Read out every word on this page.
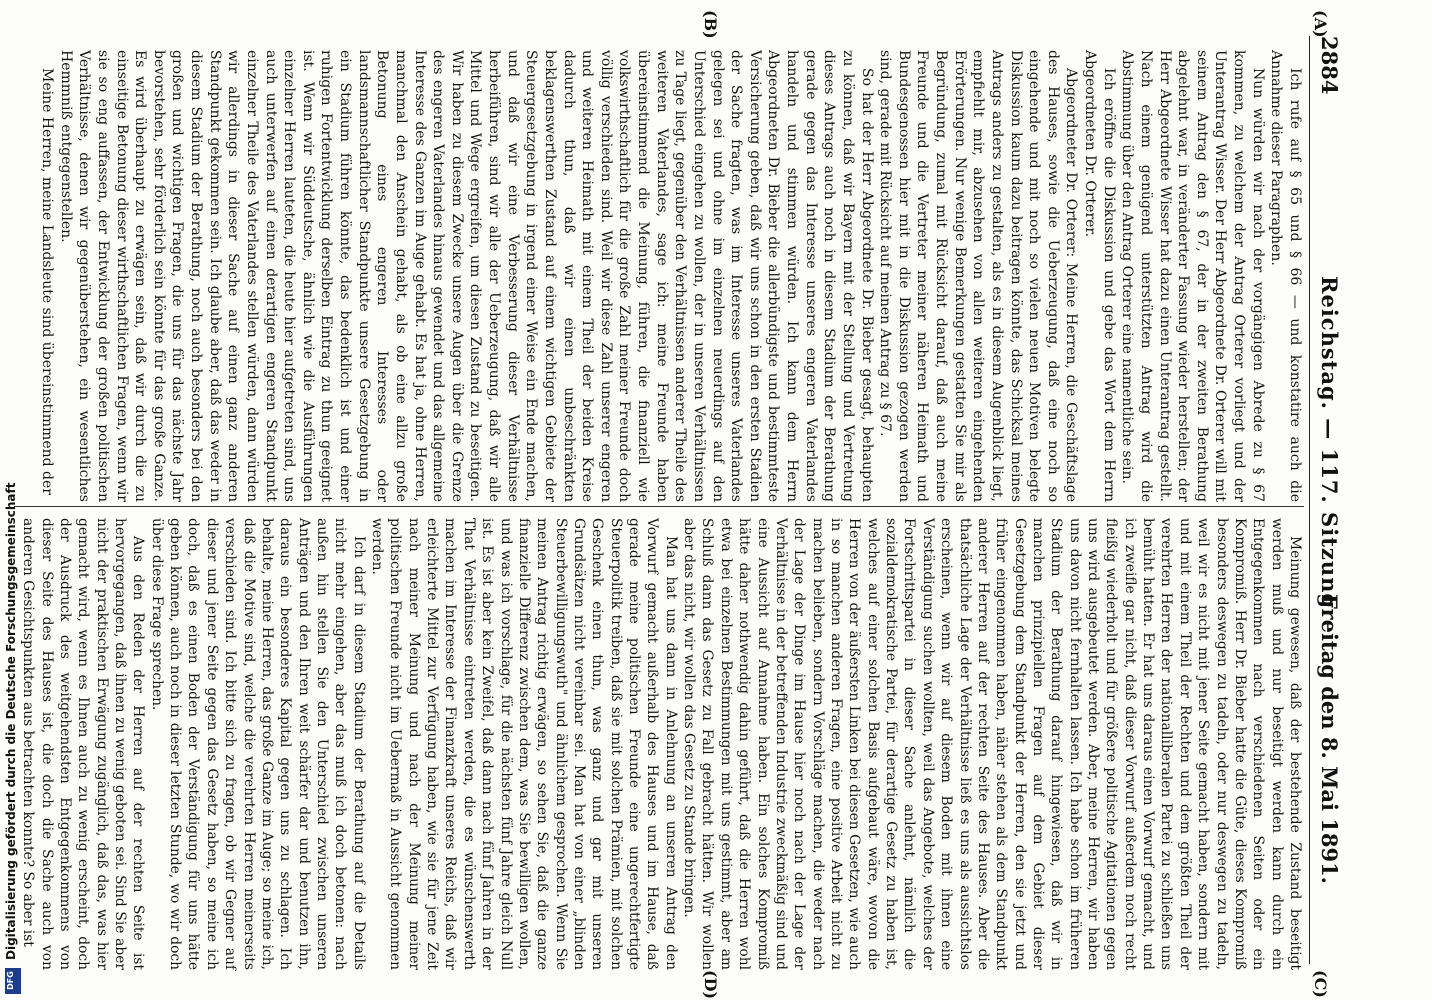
2884
Reichstag. — 117. Sitzung.
Freitag den 8. Mai 1891.
(A)
(B)
(C)
(D)

Ich rufe auf § 65 und § 66 — und konstatire auch die Annahme dieser Paragraphen.

Nun würden wir nach der vorgängigen Abrede zu § 67 kommen, zu welchem der Antrag Orterer vorliegt und der Unterantrag Wisser. Der Herr Abgeordnete Dr. Orterer will mit seinem Antrag den § 67, der in der zweiten Berathung abgelehnt war, in veränderter Fassung wieder herstellen; der Herr Abgeordnete Wisser hat dazu einen Unterantrag gestellt. Nach einem genügend unterstützten Antrag wird die Abstimmung über den Antrag Orterer eine namentliche sein.

Ich eröffne die Diskussion und gebe das Wort dem Herrn Abgeordneten Dr. Orterer.

Abgeordneter Dr. Orterer: Meine Herren, die Geschäftslage des Hauses, sowie die Ueberzeugung, daß eine noch so eingehende und mit noch so vielen neuen Motiven belegte Diskussion kaum dazu beitragen könnte, das Schicksal meines Antrags anders zu gestalten, als es in diesem Augenblick liegt, empfiehlt mir, abzusehen von allen weiteren eingehenden Erörterungen. Nur wenige Bemerkungen gestatten Sie mir als Begründung, zumal mit Rücksicht darauf, daß auch meine Freunde und die Vertreter meiner näheren Heimath und Bundesgenossen hier mit in die Diskussion gezogen werden sind, gerade mit Rücksicht auf meinen Antrag zu § 67.

So hat der Herr Abgeordnete Dr. Bieber gesagt, behaupten zu können, daß wir Bayern mit der Stellung und Vertretung dieses Antrags auch noch in diesem Stadium der Berathung gerade gegen das Interesse unseres engeren Vaterlandes handeln und stimmen würden. Ich kann dem Herrn Abgeordneten Dr. Bieber die allerbündigste und bestimmteste Versicherung geben, daß wir uns schon in den ersten Stadien der Sache fragten, was im Interesse unseres Vaterlandes gelegen sei und ohne im einzelnen neuerdings auf den Unterschied eingehen zu wollen, der in unseren Verhältnissen zu Tage liegt, gegenüber den Verhältnissen anderer Theile des weiteren Vaterlandes, sage ich: meine Freunde haben übereinstimmend die Meinung, führen, die finanziell wie volkswirthschaftlich für die große Zahl meiner Freunde doch völlig verschieden sind. Weil wir diese Zahl unserer engeren und weiteren Heimath mit einem Theil der beiden Kreise dadurch thun, daß wir einen unbeschränkten beklagenswerthen Zustand auf einem wichtigen Gebiete der Steuergesetzgebung in irgend einer Weise ein Ende machen, und daß wir eine Verbesserung dieser Verhältnisse herbeiführen, sind wir alle der Ueberzeugung, daß wir alle Mittel und Wege ergreifen, um diesen Zustand zu beseitigen. Wir haben zu diesem Zwecke unsere Augen über die Grenze des engeren Vaterlandes hinaus gewendet und das allgemeine Interesse des Ganzen im Auge gehabt. Es hat ja, ohne Herren, manchmal den Anschein gehabt, als ob eine allzu große Betonung eines engeren Interesses oder landsmannschaftlicher Standpunkte unsere Gesetzgebung in ein Stadium führen könnte, das bedenklich ist und einer ruhigen Fortentwicklung derselben Eintrag zu thun geeignet ist. Wenn wir Süddeutsche, ähnlich wie die Ausführungen einzelner Herren lauteten, die heute hier aufgetreten sind, uns auch unterwerfen auf einen derartigen engeren Standpunkt einzelner Theile des Vaterlandes stellen würden, dann würden wir allerdings in dieser Sache auf einen ganz anderen Standpunkt gekommen sein. Ich glaube aber, daß das weder in diesem Stadium der Berathung, noch auch besonders bei den großen und wichtigen Fragen, die uns für das nächste Jahr bevorstehen, sehr förderlich sein könnte für das große Ganze. Es wird überhaupt zu erwägen sein, daß wir durch die zu einseitige Betonung dieser wirthschaftlichen Fragen, wenn wir sie so eng auffassen, der Entwicklung der großen politischen Verhältnisse, denen wir gegenüberstehen, ein wesentliches Hemmniß entgegenstellen.

Meine Herren, meine Landsleute sind übereinstimmend der

Meinung gewesen, daß der bestehende Zustand beseitigt werden muß und nur beseitigt werden kann durch ein Entgegenkommen nach verschiedenen Seiten oder ein Kompromiß. Herr Dr. Bieber hatte die Güte, dieses Kompromiß besonders deswegen zu tadeln, oder nur deswegen zu tadeln, weil wir es nicht mit jener Seite gemacht haben, sondern mit und mit einem Theil der Rechten und dem größten Theil der verehrten Herren der nationalliberalen Partei zu schließen uns bemüht hatten. Er hat uns daraus einen Vorwurf gemacht, und ich zweifle gar nicht, daß dieser Vorwurf außerdem noch recht fleißig wiederholt und für größere politische Agitationen gegen uns wird ausgebeutet werden. Aber, meine Herren, wir haben uns davon nicht fernhalten lassen. Ich habe schon im früheren Stadium der Berathung darauf hingewiesen, daß wir in manchen prinzipiellen Fragen auf dem Gebiet dieser Gesetzgebung dem Standpunkt der Herren, den sie jetzt und früher eingenommen haben, näher stehen als dem Standpunkt anderer Herren auf der rechten Seite des Hauses. Aber die thatsächliche Lage der Verhältnisse ließ es uns als aussichtslos erscheinen, wenn wir auf diesem Boden mit ihnen eine Verständigung suchen wollten, weil das Angebote, welches der Fortschrittspartei in dieser Sache anlehnt, nämlich die sozialdemokratische Partei, für derartige Gesetz zu haben ist, welches auf einer solchen Basis aufgebaut wäre, wovon die Herren von der äußersten Linken bei diesen Gesetzen, wie auch in so manchen anderen Fragen, eine positive Arbeit nicht zu machen belieben, sondern Vorschläge machen, die weder nach der Lage der Dinge im Hause hier noch nach der Lage der Verhältnisse in der betreffenden Industrie zweckmäßig sind und eine Aussicht auf Annahme haben. Ein solches Kompromiß hätte daher nothwendig dahin geführt, daß die Herren wohl etwa bei einzelnen Bestimmungen mit uns gestimmt, aber am Schluß dann das Gesetz zu Fall gebracht hätten. Wir wollen aber das nicht, wir wollen das Gesetz zu Stande bringen.

Man hat uns dann in Anlehnung an unseren Antrag den Vorwurf gemacht außerhalb des Hauses und im Hause, daß gerade meine politischen Freunde eine ungerechtfertigte Steuerpolitik treiben, daß sie mit solchen Prämien, mit solchen Geschenk einen thun, was ganz und gar mit unseren Grundsätzen nicht vereinbar sei. Man hat von einer „blinden Steuerbewilligungswuth" und ähnlichem gesprochen. Wenn Sie meinen Antrag richtig erwägen, so sehen Sie, daß die ganze finanzielle Differenz zwischen dem, was Sie bewilligen wollen, und was ich vorschlage, für die nächsten fünf Jahre gleich Null ist. Es ist aber kein Zweifel, daß dann nach fünf Jahren in der That Verhältnisse eintreten werden, die es wünschenswerth machen im Interesse der Finanzkraft unseres Reichs, daß wir erleichterte Mittel zur Verfügung haben, wie sie für jene Zeit nach meiner Meinung und nach der Meinung meiner politischen Freunde nicht im Uebermaß in Aussicht genommen werden.

Ich darf in diesem Stadium der Berathung auf die Details nicht mehr eingehen, aber das muß ich doch betonen: nach außen hin stellen Sie den Unterschied zwischen unseren Anträgen und den Ihren weit schärfer dar und benutzen ihn, daraus ein besonderes Kapital gegen uns zu schlagen. Ich behalte, meine Herren, das große Ganze im Auge; so meine ich, daß die Motive sind, welche die verehrten Herren meinerseits verschieden sind. Ich bitte sich zu fragen, ob wir Gegner auf dieser und jener Seite gegen das Gesetz haben, so meine ich doch, daß es einen Boden der Verständigung für uns hätte geben können, auch noch in dieser letzten Stunde, wo wir doch über diese Frage sprechen.

Aus den Reden der Herren auf der rechten Seite ist hervorgegangen, daß ihnen zu wenig geboten sei. Sind Sie aber nicht der praktischen Erwägung zugänglich, daß das, was hier gemacht wird, wenn es Ihnen auch zu wenig erscheint, doch der Ausdruck des weitgehendsten Entgegenkommens von dieser Seite des Hauses ist, die doch die Sache auch von anderen Gesichtspunkten aus betrachten konnte? So aber ist

Digitalisierung gefördert durch die Deutsche Forschungsgemeinschaft
DFG
